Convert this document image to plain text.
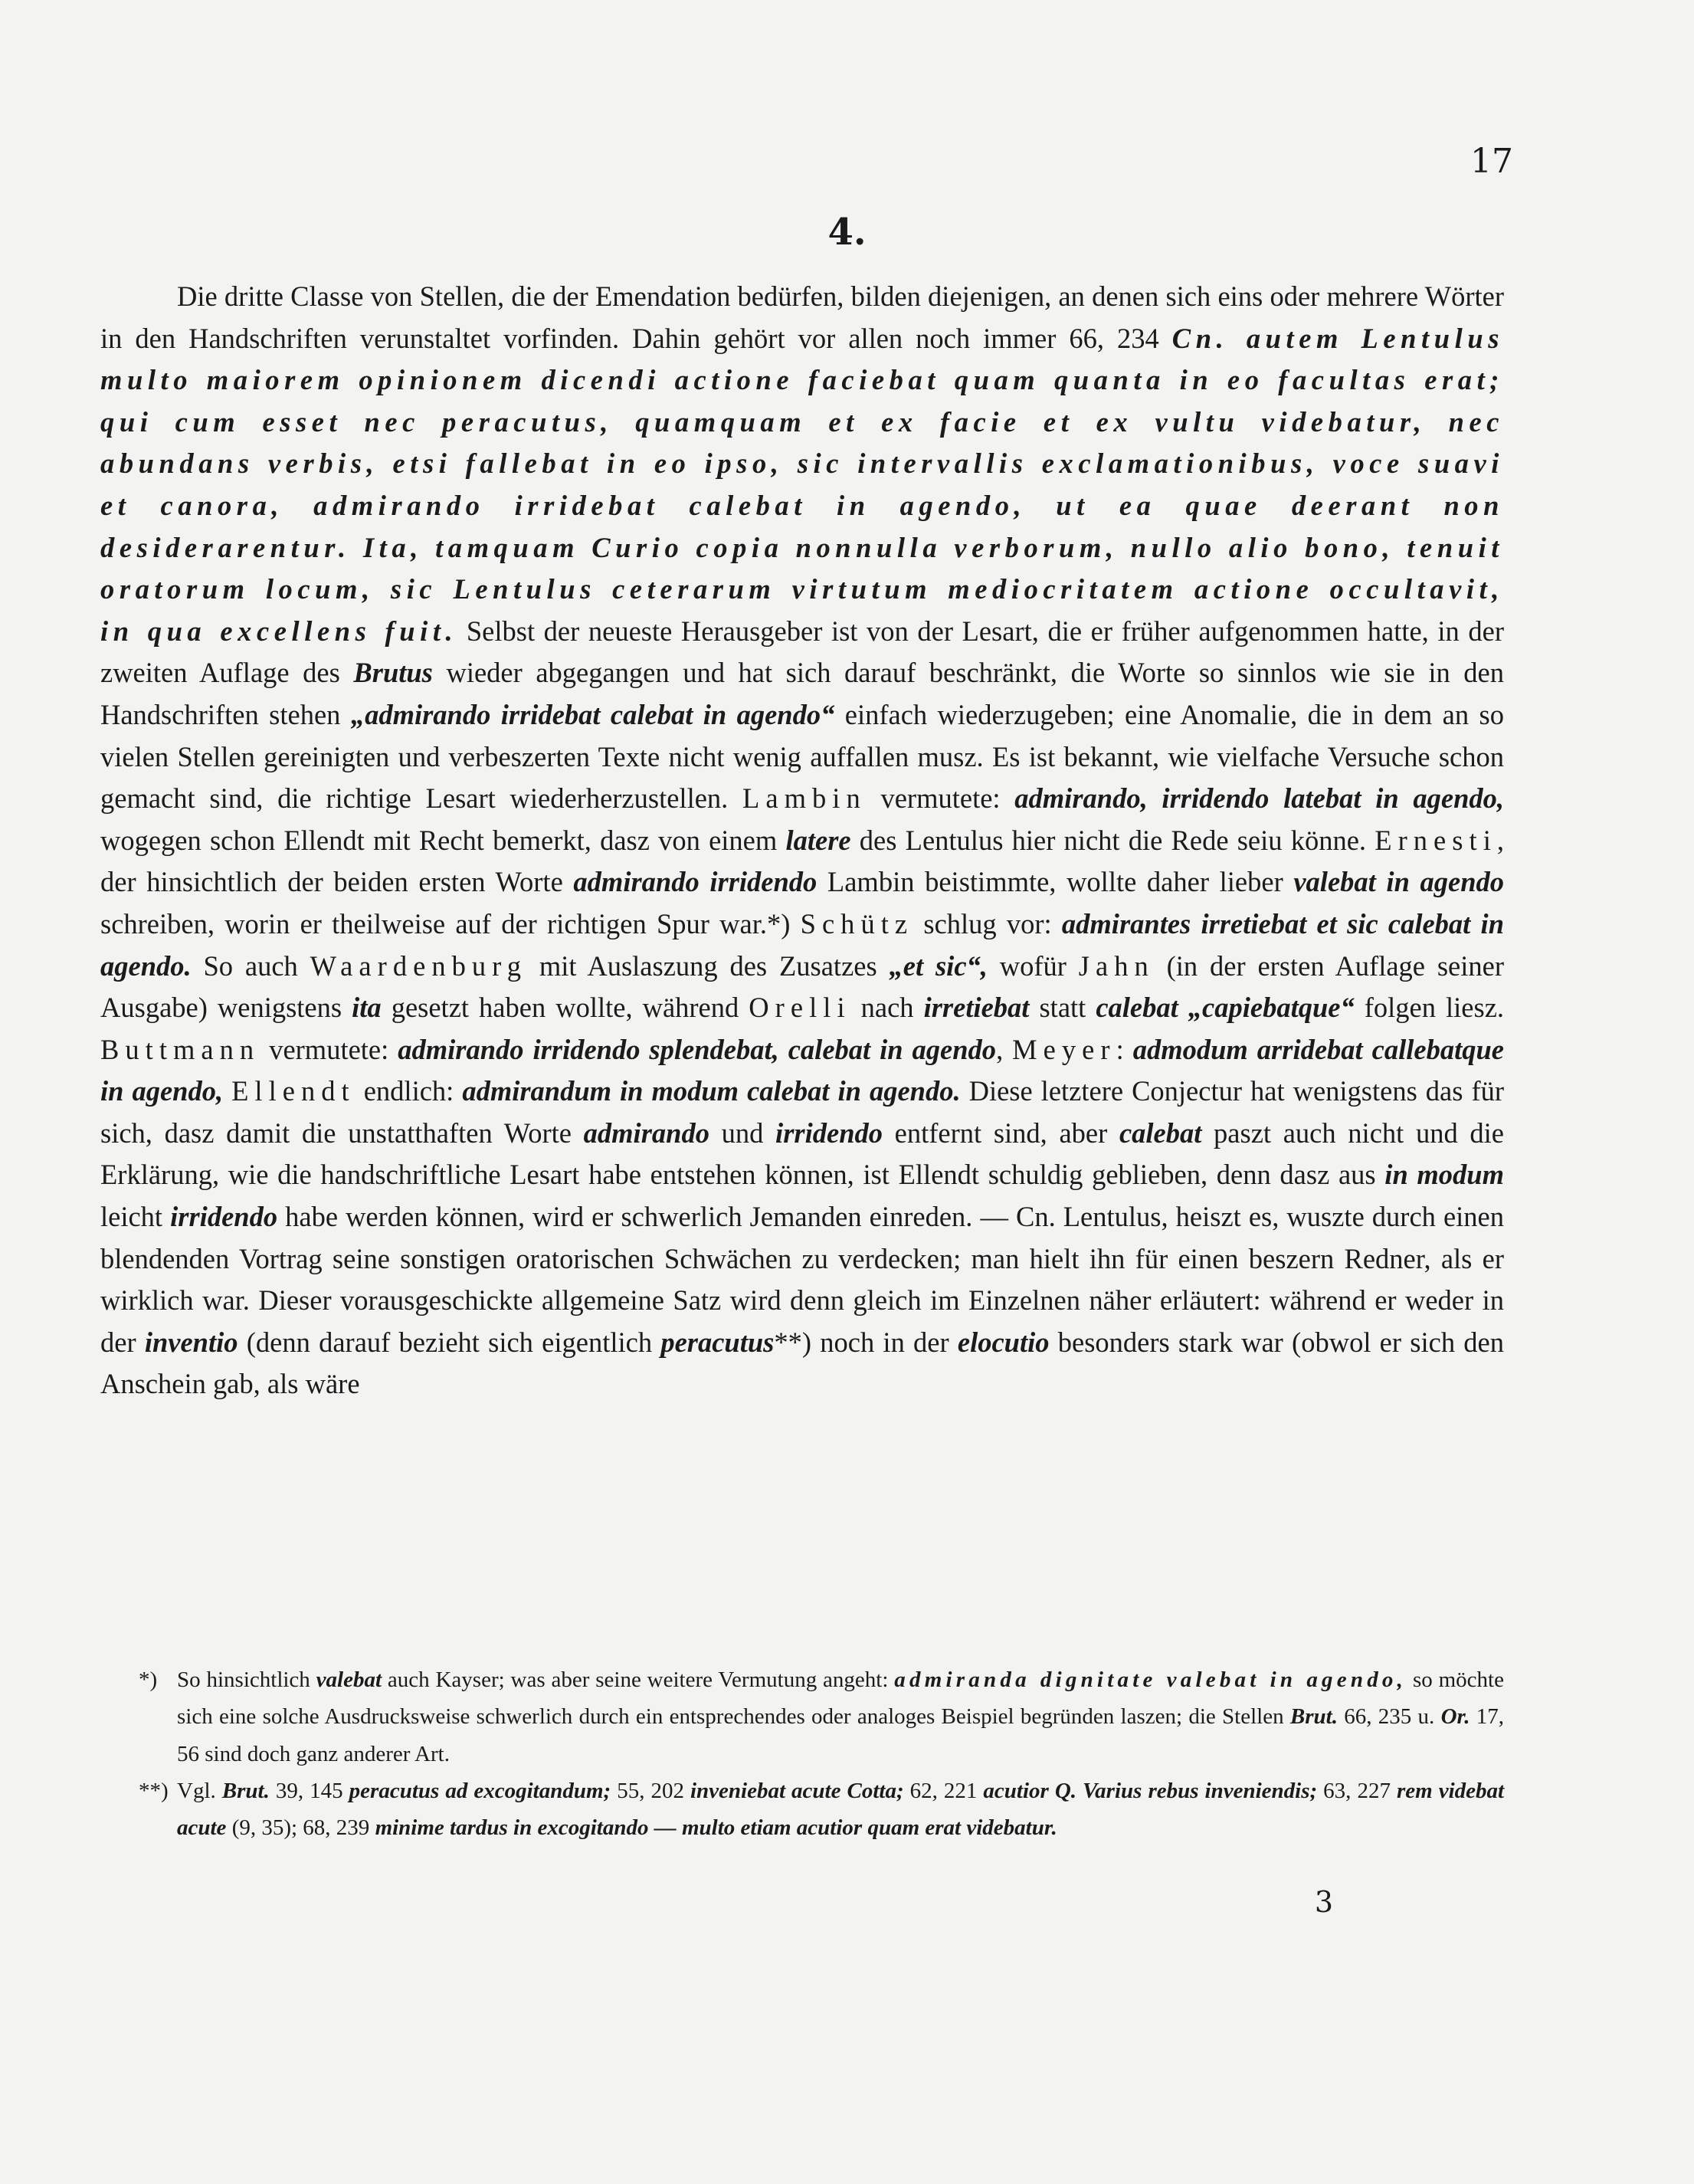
17
4.

Die dritte Classe von Stellen, die der Emendation bedürfen, bilden diejenigen, an denen sich eins oder mehrere Wörter in den Handschriften verunstaltet vorfinden. Dahin gehört vor allen noch immer 66, 234 Cn. autem Lentulus multo maiorem opinionem dicendi actione faciebat quam quanta in eo facultas erat; qui cum esset nec peracutus, quamquam et ex facie et ex vultu videbatur, nec abundans verbis, etsi fallebat in eo ipso, sic intervallis exclamationibus, voce suavi et canora, admirando irridebat calebat in agendo, ut ea quae deerant non desiderarentur. Ita, tamquam Curio copia nonnulla verborum, nullo alio bono, tenuit oratorum locum, sic Lentulus ceterarum virtutum mediocritatem actione occultavit, in qua excellens fuit. Selbst der neueste Herausgeber ist von der Lesart, die er früher aufgenommen hatte, in der zweiten Auflage des Brutus wieder abgegangen und hat sich darauf beschränkt, die Worte so sinnlos wie sie in den Handschriften stehen „admirando irridebat calebat in agendo“ einfach wiederzugeben; eine Anomalie, die in dem an so vielen Stellen gereinigten und verbeszerten Texte nicht wenig auffallen musz. Es ist bekannt, wie vielfache Versuche schon gemacht sind, die richtige Lesart wiederherzustellen. Lambin vermutete: admirando, irridendo latebat in agendo, wogegen schon Ellendt mit Recht bemerkt, dasz von einem latere des Lentulus hier nicht die Rede seiu könne. Ernesti, der hinsichtlich der beiden ersten Worte admirando irridendo Lambin beistimmte, wollte daher lieber valebat in agendo schreiben, worin er theilweise auf der richtigen Spur war.*) Schütz schlug vor: admirantes irretiebat et sic calebat in agendo. So auch Waardenburg mit Auslaszung des Zusatzes „et sic“, wofür Jahn (in der ersten Auflage seiner Ausgabe) wenigstens ita gesetzt haben wollte, während Orelli nach irretiebat statt calebat „capiebatque“ folgen liesz. Buttmann vermutete: admirando irridendo splendebat, calebat in agendo, Meyer: admodum arridebat callebatque in agendo, Ellendt endlich: admirandum in modum calebat in agendo. Diese letztere Conjectur hat wenigstens das für sich, dasz damit die unstatthaften Worte admirando und irridendo entfernt sind, aber calebat paszt auch nicht und die Erklärung, wie die handschriftliche Lesart habe entstehen können, ist Ellendt schuldig geblieben, denn dasz aus in modum leicht irridendo habe werden können, wird er schwerlich Jemanden einreden. — Cn. Lentulus, heiszt es, wuszte durch einen blendenden Vortrag seine sonstigen oratorischen Schwächen zu verdecken; man hielt ihn für einen beszern Redner, als er wirklich war. Dieser vorausgeschickte allgemeine Satz wird denn gleich im Einzelnen näher erläutert: während er weder in der inventio (denn darauf bezieht sich eigentlich peracutus**) noch in der elocutio besonders stark war (obwol er sich den Anschein gab, als wäre

*) So hinsichtlich valebat auch Kayser; was aber seine weitere Vermutung angeht: admiranda dignitate valebat in agendo, so möchte sich eine solche Ausdrucksweise schwerlich durch ein entsprechendes oder analoges Beispiel begründen laszen; die Stellen Brut. 66, 235 u. Or. 17, 56 sind doch ganz anderer Art.

**) Vgl. Brut. 39, 145 peracutus ad excogitandum; 55, 202 inveniebat acute Cotta; 62, 221 acutior Q. Varius rebus inveniendis; 63, 227 rem videbat acute (9, 35); 68, 239 minime tardus in excogitando — multo etiam acutior quam erat videbatur.

3
